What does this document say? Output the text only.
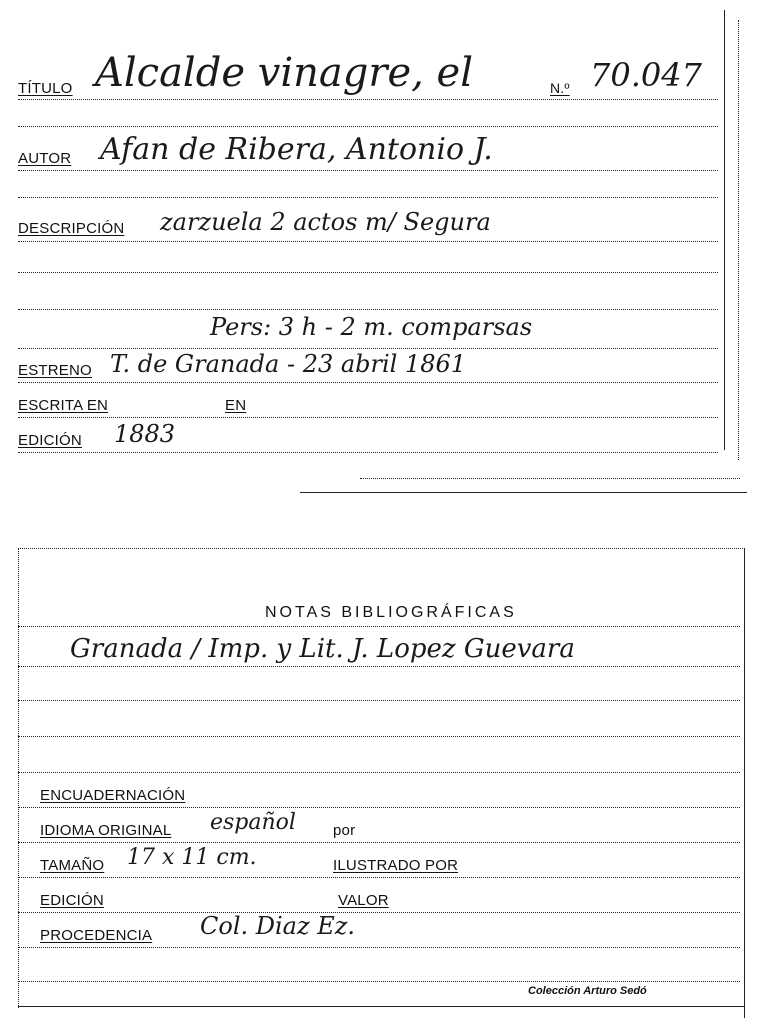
TÍTULO Alcalde vinagre, el	N.º 70.047
AUTOR Afan de Ribera, Antonio J.
DESCRIPCIÓN zarzuela 2 actos m/ Segura
Pers: 3 h - 2 m. comparsas
ESTRENO T. de Granada - 23 abril 1861
ESCRITA EN	EN
EDICIÓN 1883
NOTAS BIBLIOGRÁFICAS
Granada / Imp. y Lit. J. Lopez Guevara
ENCUADERNACIÓN
IDIOMA ORIGINAL español por
TAMAÑO 17 x 11 cm.	ILUSTRADO POR
EDICIÓN	VALOR
PROCEDENCIA Col. Diaz Ez.
Colección Arturo Sedó
